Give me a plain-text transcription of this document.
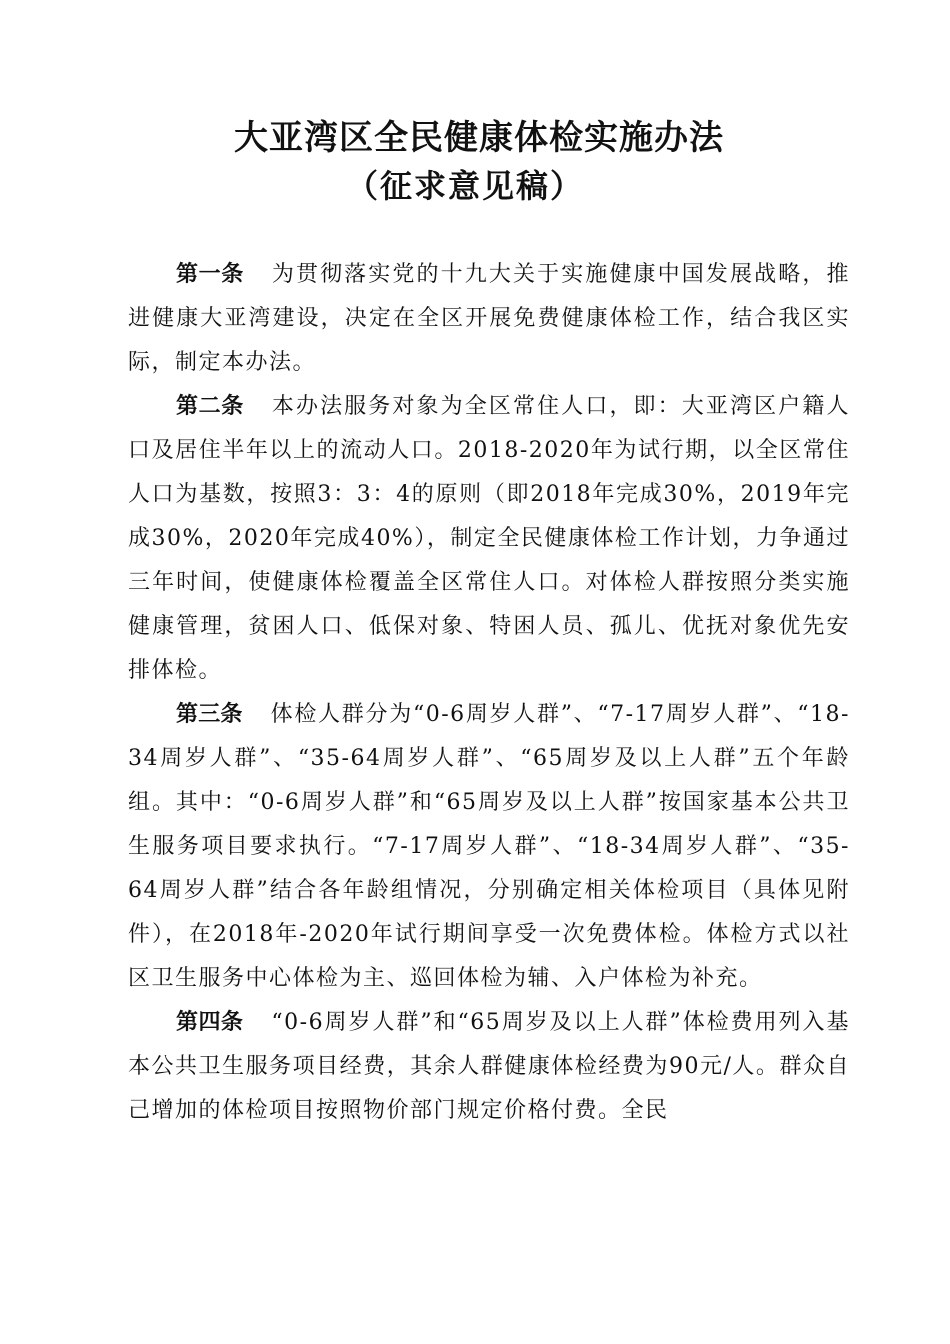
大亚湾区全民健康体检实施办法
（征求意见稿）

第一条 为贯彻落实党的十九大关于实施健康中国发展战略，推进健康大亚湾建设，决定在全区开展免费健康体检工作，结合我区实际，制定本办法。

第二条 本办法服务对象为全区常住人口，即：大亚湾区户籍人口及居住半年以上的流动人口。2018-2020年为试行期，以全区常住人口为基数，按照3：3：4的原则（即2018年完成30%，2019年完成30%，2020年完成40%），制定全民健康体检工作计划，力争通过三年时间，使健康体检覆盖全区常住人口。对体检人群按照分类实施健康管理，贫困人口、低保对象、特困人员、孤儿、优抚对象优先安排体检。

第三条 体检人群分为“0-6周岁人群”、“7-17周岁人群”、“18-34周岁人群”、“35-64周岁人群”、“65周岁及以上人群”五个年龄组。其中：“0-6周岁人群”和“65周岁及以上人群”按国家基本公共卫生服务项目要求执行。“7-17周岁人群”、“18-34周岁人群”、“35-64周岁人群”结合各年龄组情况，分别确定相关体检项目（具体见附件），在2018年-2020年试行期间享受一次免费体检。体检方式以社区卫生服务中心体检为主、巡回体检为辅、入户体检为补充。

第四条 “0-6周岁人群”和“65周岁及以上人群”体检费用列入基本公共卫生服务项目经费，其余人群健康体检经费为90元/人。群众自己增加的体检项目按照物价部门规定价格付费。全民
